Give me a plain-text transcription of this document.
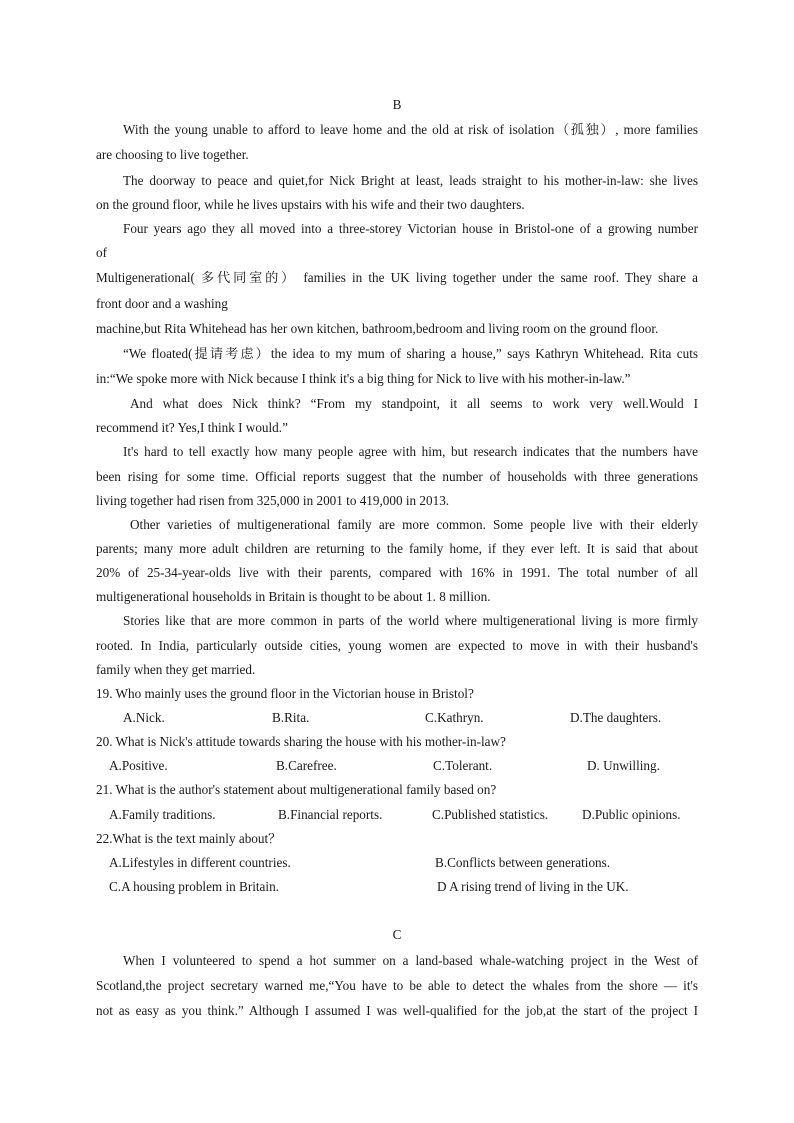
B
With the young unable to afford to leave home and the old at risk of isolation（孤独）, more families
are choosing to live together.
The doorway to peace and quiet,for Nick Bright at least, leads straight to his mother-in-law: she lives
on the ground floor, while he lives upstairs with his wife and their two daughters.
Four years ago they all moved into a three-storey Victorian house in Bristol-one of a growing number
of
Multigenerational( 多代同室的） families in the UK living together under the same roof. They share a
front door and a washing
machine,but Rita Whitehead has her own kitchen, bathroom,bedroom and living room on the ground floor.
“We floated(提请考虑）the idea to my mum of sharing a house,” says Kathryn Whitehead. Rita cuts
in:“We spoke more with Nick because I think it's a big thing for Nick to live with his mother-in-law.”
And what does Nick think? “From my standpoint, it all seems to work very well.Would I
recommend it? Yes,I think I would.”
It's hard to tell exactly how many people agree with him, but research indicates that the numbers have
been rising for some time. Official reports suggest that the number of households with three generations
living together had risen from 325,000 in 2001 to 419,000 in 2013.
Other varieties of multigenerational family are more common. Some people live with their elderly
parents; many more adult children are returning to the family home, if they ever left. It is said that about
20% of 25-34-year-olds live with their parents, compared with 16% in 1991. The total number of all
multigenerational households in Britain is thought to be about 1. 8 million.
Stories like that are more common in parts of the world where multigenerational living is more firmly
rooted. In India, particularly outside cities, young women are expected to move in with their husband's
family when they get married.
19. Who mainly uses the ground floor in the Victorian house in Bristol?
A.Nick.	B.Rita.	C.Kathryn.	D.The daughters.
20. What is Nick's attitude towards sharing the house with his mother-in-law?
A.Positive.	B.Carefree.	C.Tolerant.	D. Unwilling.
21. What is the author's statement about multigenerational family based on?
A.Family traditions.	B.Financial reports.	C.Published statistics.	D.Public opinions.
22.What is the text mainly about？
A.Lifestyles in different countries.	B.Conflicts between generations.
C.A housing problem in Britain.	D A rising trend of living in the UK.
C
When I volunteered to spend a hot summer on a land-based whale-watching project in the West of
Scotland,the project secretary warned me,“You have to be able to detect the whales from the shore — it's
not as easy as you think.” Although I assumed I was well-qualified for the job,at the start of the project I
